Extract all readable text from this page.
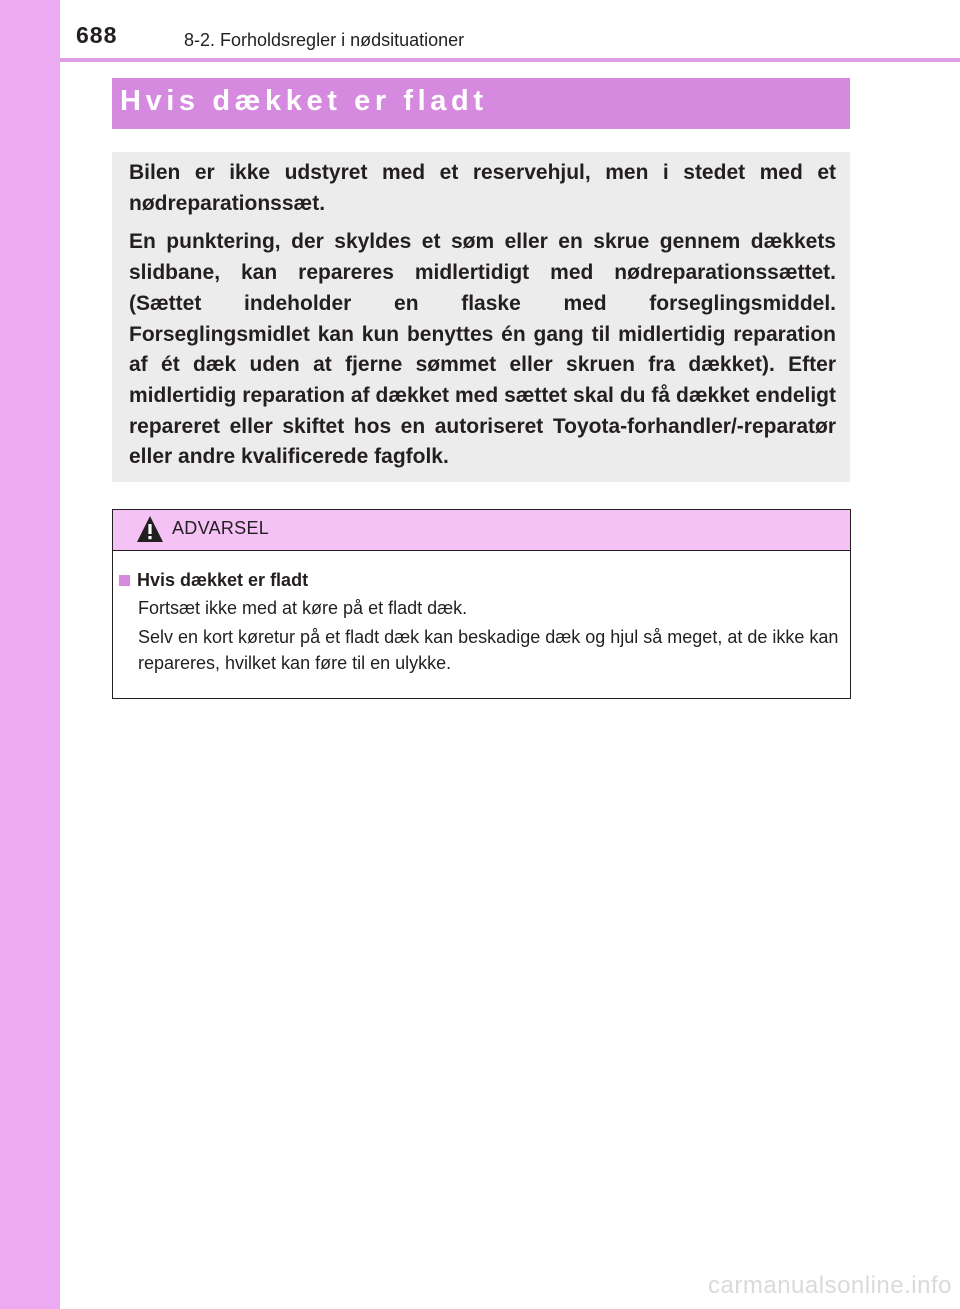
688	8-2. Forholdsregler i nødsituationer
Hvis dækket er fladt

Bilen er ikke udstyret med et reservehjul, men i stedet med et nødreparationssæt.

En punktering, der skyldes et søm eller en skrue gennem dækkets slidbane, kan repareres midlertidigt med nødreparationssættet. (Sættet indeholder en flaske med forseglingsmiddel. Forseglingsmidlet kan kun benyttes én gang til midlertidig reparation af ét dæk uden at fjerne sømmet eller skruen fra dækket). Efter midlertidig reparation af dækket med sættet skal du få dækket endeligt repareret eller skiftet hos en autoriseret Toyota-forhandler/-reparatør eller andre kvalificerede fagfolk.

ADVARSEL
Hvis dækket er fladt

Fortsæt ikke med at køre på et fladt dæk.

Selv en kort køretur på et fladt dæk kan beskadige dæk og hjul så meget, at de ikke kan repareres, hvilket kan føre til en ulykke.

carmanualsonline.info
